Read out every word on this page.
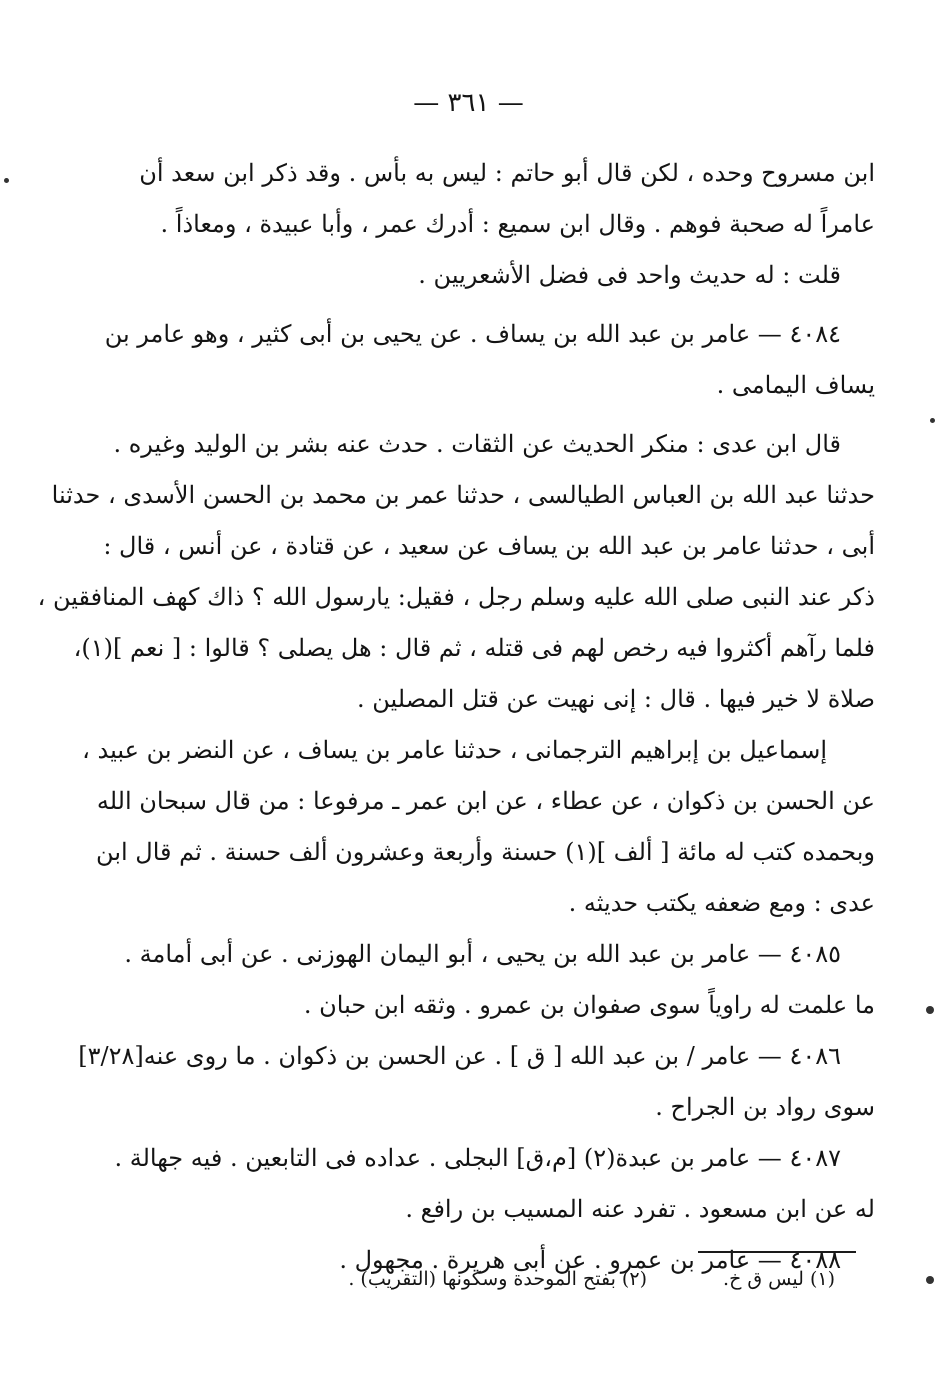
— ٣٦١ —
ابن مسروح وحده ، لكن قال أبو حاتم : ليس به بأس . وقد ذكر ابن سعد أن
عامراً له صحبة فوهم . وقال ابن سميع : أدرك عمر ، وأبا عبيدة ، ومعاذاً .
قلت : له حديث واحد فى فضل الأشعريين .
٤٠٨٤ — عامر بن عبد الله بن يساف . عن يحيى بن أبى كثير ، وهو عامر بن
يساف اليمامى .
قال ابن عدى : منكر الحديث عن الثقات . حدث عنه بشر بن الوليد وغيره .
حدثنا عبد الله بن العباس الطيالسى ، حدثنا عمر بن محمد بن الحسن الأسدى ، حدثنا
أبى ، حدثنا عامر بن عبد الله بن يساف عن سعيد ، عن قتادة ، عن أنس ، قال :
ذكر عند النبى صلى الله عليه وسلم رجل ، فقيل: يارسول الله ؟ ذاك كهف المنافقين ،
فلما رآهم أكثروا فيه رخص لهم فى قتله ، ثم قال : هل يصلى ؟ قالوا : [ نعم ](١)،
صلاة لا خير فيها . قال : إنى نهيت عن قتل المصلين .
إسماعيل بن إبراهيم الترجمانى ، حدثنا عامر بن يساف ، عن النضر بن عبيد ،
عن الحسن بن ذكوان ، عن عطاء ، عن ابن عمر ـ مرفوعا : من قال سبحان الله
وبحمده كتب له مائة [ ألف ](١) حسنة وأربعة وعشرون ألف حسنة . ثم قال ابن
عدى : ومع ضعفه يكتب حديثه .
٤٠٨٥ — عامر بن عبد الله بن يحيى ، أبو اليمان الهوزنى . عن أبى أمامة .
ما علمت له راوياً سوى صفوان بن عمرو . وثقه ابن حبان .
٤٠٨٦ — عامر / بن عبد الله [ ق ] . عن الحسن بن ذكوان . ما روى عنه[٣/٢٨]
سوى رواد بن الجراح .
٤٠٨٧ — عامر بن عبدة(٢) [م،ق] البجلى . عداده فى التابعين . فيه جهالة .
له عن ابن مسعود . تفرد عنه المسيب بن رافع .
٤٠٨٨ — عامر بن عمرو . عن أبى هريرة . مجهول .
(١) ليس ق خ. (٢) بفتح الموحدة وسكونها (التقريب) .
